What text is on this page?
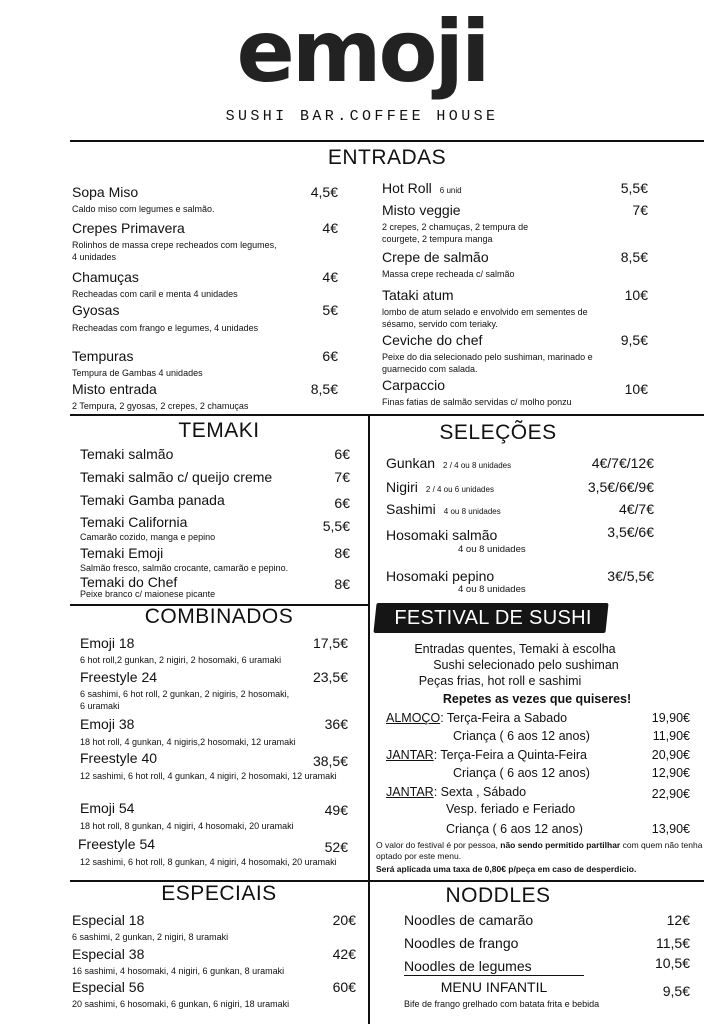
emoji
SUSHI BAR.COFFEE HOUSE
ENTRADAS
Sopa Miso	4,5€
Caldo miso com legumes e salmão.
Crepes Primavera	4€
Rolinhos de massa crepe recheados com legumes, 4 unidades
Chamuças	4€
Recheadas com caril e menta 4 unidades
Gyosas	5€
Recheadas com frango e legumes, 4 unidades
Tempuras	6€
Tempura de Gambas 4 unidades
Misto entrada	8,5€
2 Tempura, 2 gyosas, 2 crepes, 2 chamuças
Hot Roll 6 unid	5,5€
Misto veggie	7€
2 crepes, 2 chamuças, 2 tempura de courgete, 2 tempura manga
Crepe de salmão	8,5€
Massa crepe recheada c/ salmão
Tataki atum	10€
lombo de atum selado e envolvido em sementes de sésamo, servido com teriaky.
Ceviche do chef	9,5€
Peixe do dia selecionado pelo sushiman, marinado e guarnecido com salada.
Carpaccio	10€
Finas fatias de salmão servidas c/ molho ponzu
TEMAKI
Temaki salmão	6€
Temaki salmão c/ queijo creme	7€
Temaki Gamba panada	6€
Temaki California	5,5€
Camarão cozido, manga e pepino
Temaki Emoji	8€
Salmão fresco, salmão crocante, camarão e pepino.
Temaki do Chef	8€
Peixe branco c/ maionese picante
SELEÇÕES
Gunkan 2 / 4 ou 8 unidades	4€/7€/12€
Nigiri 2 / 4 ou 6 unidades	3,5€/6€/9€
Sashimi 4 ou 8 unidades	4€/7€
Hosomaki salmão	3,5€/6€
4 ou 8 unidades
Hosomaki pepino	3€/5,5€
4 ou 8 unidades
COMBINADOS
Emoji 18	17,5€
6 hot roll,2 gunkan, 2 nigiri, 2 hosomaki, 6 uramaki
Freestyle 24	23,5€
6 sashimi, 6 hot roll, 2 gunkan, 2 nigiris, 2 hosomaki, 6 uramaki
Emoji 38	36€
18 hot roll, 4 gunkan, 4 nigiris,2 hosomaki, 12 uramaki
Freestyle 40	38,5€
12 sashimi, 6 hot roll, 4 gunkan, 4 nigiri, 2 hosomaki, 12 uramaki
Emoji 54	49€
18 hot roll, 8 gunkan, 4 nigiri, 4 hosomaki, 20 uramaki
Freestyle 54	52€
12 sashimi, 6 hot roll, 8 gunkan, 4 nigiri, 4 hosomaki, 20 uramaki
FESTIVAL DE SUSHI
Entradas quentes, Temaki à escolha
Sushi selecionado pelo sushiman
Peças frias, hot roll e sashimi
Repetes as vezes que quiseres!
ALMOÇO: Terça-Feira a Sabado	19,90€
Criança ( 6 aos 12 anos)	11,90€
JANTAR: Terça-Feira a Quinta-Feira	20,90€
Criança ( 6 aos 12 anos)	12,90€
JANTAR: Sexta , Sábado	22,90€
Vesp. feriado e Feriado
Criança ( 6 aos 12 anos)	13,90€
O valor do festival é por pessoa, não sendo permitido partilhar com quem não tenha optado por este menu.
Será aplicada uma taxa de 0,80€ p/peça em caso de desperdicio.
ESPECIAIS
Especial 18	20€
6 sashimi, 2 gunkan, 2 nigiri, 8 uramaki
Especial 38	42€
16 sashimi, 4 hosomaki, 4 nigiri, 6 gunkan, 8 uramaki
Especial 56	60€
20 sashimi, 6 hosomaki, 6 gunkan, 6 nigiri, 18 uramaki
NODDLES
Noodles de camarão	12€
Noodles de frango	11,5€
Noodles de legumes	10,5€
MENU INFANTIL	9,5€
Bife de frango grelhado com batata frita e bebida
